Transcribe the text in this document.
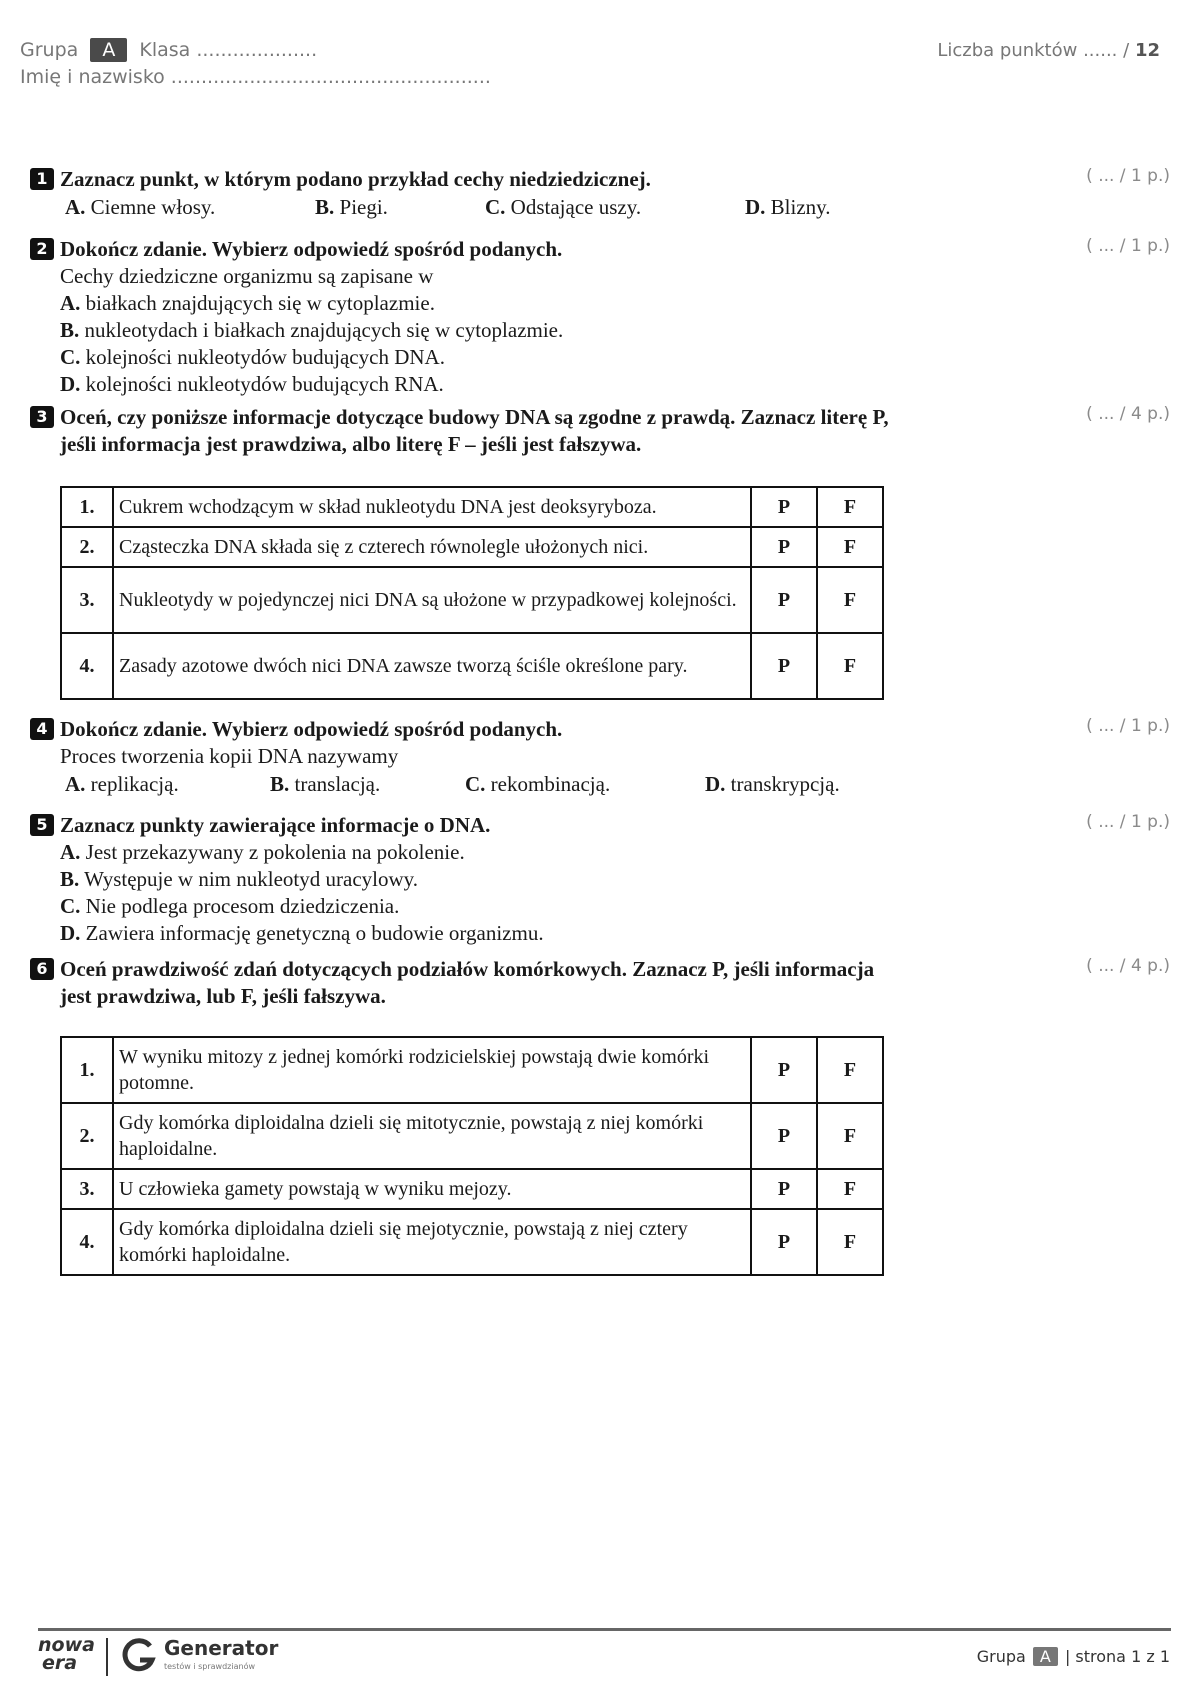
Grupa A Klasa ....................
Imię i nazwisko .....................................................
Liczba punktów ...... / 12
1 Zaznacz punkt, w którym podano przykład cechy niedziedzicznej.	( ... / 1 p.)
A. Ciemne włosy.	B. Piegi.	C. Odstające uszy.	D. Blizny.
2 Dokończ zdanie. Wybierz odpowiedź spośród podanych.	( ... / 1 p.)
Cechy dziedziczne organizmu są zapisane w
A. białkach znajdujących się w cytoplazmie.
B. nukleotydach i białkach znajdujących się w cytoplazmie.
C. kolejności nukleotydów budujących DNA.
D. kolejności nukleotydów budujących RNA.
3 Oceń, czy poniższe informacje dotyczące budowy DNA są zgodne z prawdą. Zaznacz literę P, jeśli informacja jest prawdziwa, albo literę F – jeśli jest fałszywa.
( ... / 4 p.)
1.	Cukrem wchodzącym w skład nukleotydu DNA jest deoksyryboza.	P	F
2.	Cząsteczka DNA składa się z czterech równolegle ułożonych nici.	P	F
3.	Nukleotydy w pojedynczej nici DNA są ułożone w przypadkowej kolejności.	P	F
4.	Zasady azotowe dwóch nici DNA zawsze tworzą ściśle określone pary.	P	F
4 Dokończ zdanie. Wybierz odpowiedź spośród podanych.	( ... / 1 p.)
Proces tworzenia kopii DNA nazywamy
A. replikacją.	B. translacją.	C. rekombinacją.	D. transkrypcją.
5 Zaznacz punkty zawierające informacje o DNA.	( ... / 1 p.)
A. Jest przekazywany z pokolenia na pokolenie.
B. Występuje w nim nukleotyd uracylowy.
C. Nie podlega procesom dziedziczenia.
D. Zawiera informację genetyczną o budowie organizmu.
6 Oceń prawdziwość zdań dotyczących podziałów komórkowych. Zaznacz P, jeśli informacja jest prawdziwa, lub F, jeśli fałszywa.
( ... / 4 p.)
1.	W wyniku mitozy z jednej komórki rodzicielskiej powstają dwie komórki potomne.	P	F
2.	Gdy komórka diploidalna dzieli się mitotycznie, powstają z niej komórki haploidalne.	P	F
3.	U człowieka gamety powstają w wyniku mejozy.	P	F
4.	Gdy komórka diploidalna dzieli się mejotycznie, powstają z niej cztery komórki haploidalne.	P	F
nowa
era
Generator
testów i sprawdzianów
Grupa A | strona 1 z 1
